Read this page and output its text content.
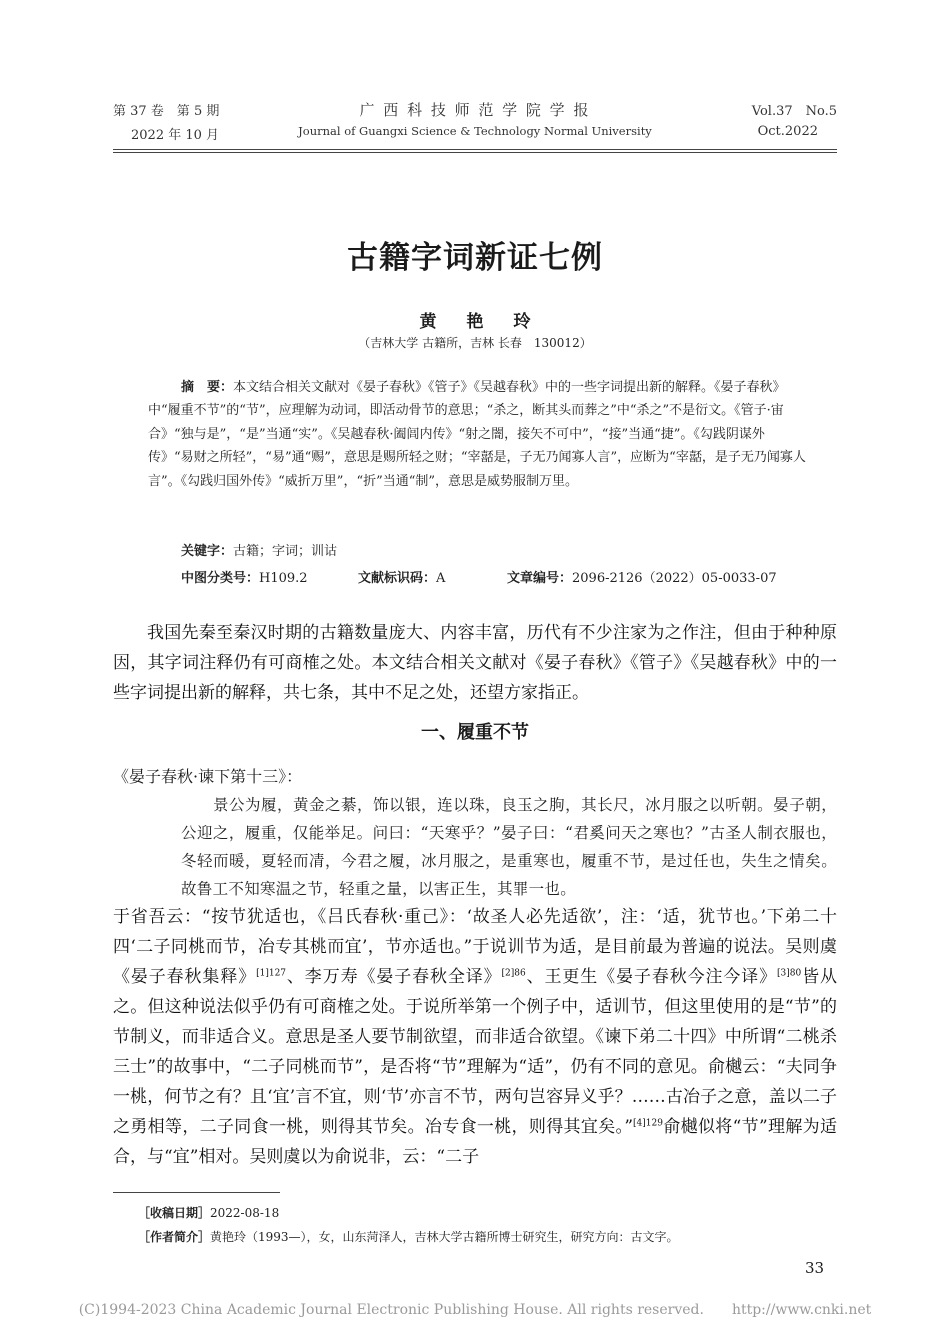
第 37 卷　第 5 期
2022 年 10 月
广 西 科 技 师 范 学 院 学 报
Journal of Guangxi Science & Technology Normal University
Vol.37　No.5
Oct.2022
古籍字词新证七例
黄艳玲
（吉林大学 古籍所，吉林 长春　130012）
摘　要：本文结合相关文献对《晏子春秋》《管子》《吴越春秋》中的一些字词提出新的解释。《晏子春秋》中“履重不节”的“节”，应理解为动词，即活动骨节的意思；“杀之，断其头而葬之”中“杀之”不是衍文。《管子·宙合》“独与是”，“是”当通“实”。《吴越春秋·阖闾内传》“射之闇，接矢不可中”，“接”当通“捷”。《勾践阴谋外传》“易财之所轻”，“易”通“赐”，意思是赐所轻之财；“宰嚭是，子无乃闻寡人言”，应断为“宰嚭，是子无乃闻寡人言”。《勾践归国外传》“威折万里”，“折”当通“制”，意思是威势服制万里。
关键字：古籍；字词；训诂
中图分类号：H109.2	文献标识码：A	文章编号：2096-2126（2022）05-0033-07
我国先秦至秦汉时期的古籍数量庞大、内容丰富，历代有不少注家为之作注，但由于种种原因，其字词注释仍有可商榷之处。本文结合相关文献对《晏子春秋》《管子》《吴越春秋》中的一些字词提出新的解释，共七条，其中不足之处，还望方家指正。
一、履重不节
《晏子春秋·谏下第十三》：
景公为履，黄金之綦，饰以银，连以珠，良玉之朐，其长尺，冰月服之以听朝。晏子朝，公迎之，履重，仅能举足。问曰：“天寒乎？”晏子曰：“君奚问天之寒也？”古圣人制衣服也，冬轻而暖，夏轻而凊，今君之履，冰月服之，是重寒也，履重不节，是过任也，失生之情矣。故鲁工不知寒温之节，轻重之量，以害正生，其罪一也。
于省吾云：“按节犹适也，《吕氏春秋·重己》：‘故圣人必先适欲’，注：‘适，犹节也。’下弟二十四‘二子同桃而节，冶专其桃而宜’，节亦适也。”于说训节为适，是目前最为普遍的说法。吴则虞《晏子春秋集释》$^{[1]127}$、李万寿《晏子春秋全译》$^{[2]86}$、王更生《晏子春秋今注今译》$^{[3]80}$皆从之。但这种说法似乎仍有可商榷之处。于说所举第一个例子中，适训节，但这里使用的是“节”的节制义，而非适合义。意思是圣人要节制欲望，而非适合欲望。《谏下弟二十四》中所谓“二桃杀三士”的故事中，“二子同桃而节”，是否将“节”理解为“适”，仍有不同的意见。俞樾云：“夫同争一桃，何节之有？且‘宜’言不宜，则‘节’亦言不节，两句岂容异义乎？……古冶子之意，盖以二子之勇相等，二子同食一桃，则得其节矣。冶专食一桃，则得其宜矣。”$^{[4]129}$俞樾似将“节”理解为适合，与“宜”相对。吴则虞以为俞说非，云：“二子
［收稿日期］2022-08-18
［作者简介］黄艳玲（1993—），女，山东菏泽人，吉林大学古籍所博士研究生，研究方向：古文字。
33
(C)1994-2023 China Academic Journal Electronic Publishing House. All rights reserved.　　http://www.cnki.net
